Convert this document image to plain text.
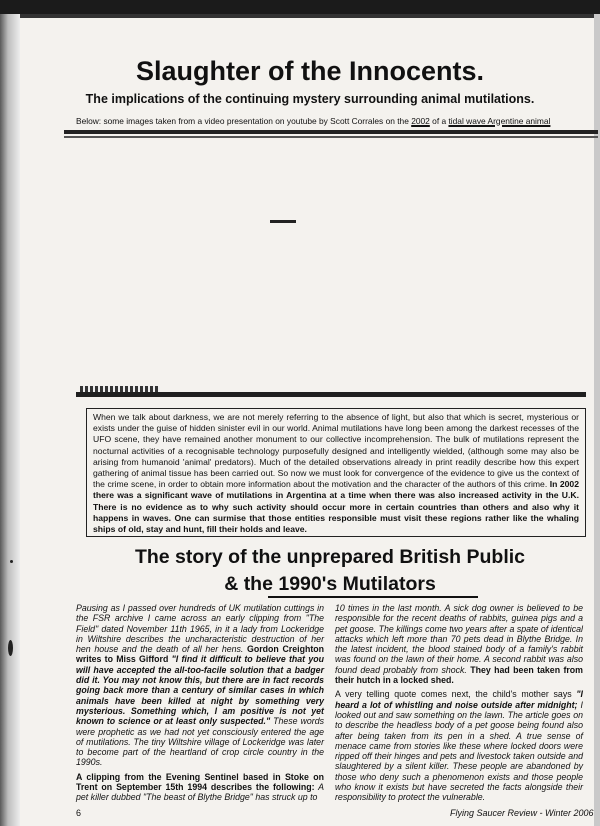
Slaughter of the Innocents.

The implications of the continuing mystery surrounding animal mutilations.

Below: some images taken from a video presentation on youtube by Scott Corrales on the 2002 of a tidal wave Argentine animal

When we talk about darkness, we are not merely referring to the absence of light, but also that which is secret, mysterious or exists under the guise of hidden sinister evil in our world. Animal mutilations have long been among the darkest recesses of the UFO scene, they have remained another monument to our collective incomprehension. The bulk of mutilations represent the nocturnal activities of a recognisable technology purposefully designed and intelligently wielded, (although some may also be arising from humanoid 'animal' predators). Much of the detailed observations already in print readily describe how this expert gathering of animal tissue has been carried out. So now we must look for convergence of the evidence to give us the context of the crime scene, in order to obtain more information about the motivation and the character of the authors of this crime. In 2002 there was a significant wave of mutilations in Argentina at a time when there was also increased activity in the U.K. There is no evidence as to why such activity should occur more in certain countries than others and also why it happens in waves. One can surmise that those entities responsible must visit these regions rather like the whaling ships of old, stay and hunt, fill their holds and leave.
The story of the unprepared British Public
& the 1990's Mutilators

Pausing as I passed over hundreds of UK mutilation cuttings in the FSR archive I came across an early clipping from "The Field" dated November 11th 1965, in it a lady from Lockeridge in Wiltshire describes the uncharacteristic destruction of her hen house and the death of all her hens. Gordon Creighton writes to Miss Gifford "I find it difficult to believe that you will have accepted the all-too-facile solution that a badger did it. You may not know this, but there are in fact records going back more than a century of similar cases in which animals have been killed at night by something very mysterious. Something which, I am positive is not yet known to science or at least only suspected." These words were prophetic as we had not yet consciously entered the age of mutilations. The tiny Wiltshire village of Lockeridge was later to become part of the heartland of crop circle country in the 1990s.

A clipping from the Evening Sentinel based in Stoke on Trent on September 15th 1994 describes the following: A pet killer dubbed "The beast of Blythe Bridge" has struck up to

10 times in the last month. A sick dog owner is believed to be responsible for the recent deaths of rabbits, guinea pigs and a pet goose. The killings come two years after a spate of identical attacks which left more than 70 pets dead in Blythe Bridge. In the latest incident, the blood stained body of a family's rabbit was found on the lawn of their home. A second rabbit was also found dead probably from shock. They had been taken from their hutch in a locked shed.

A very telling quote comes next, the child's mother says "I heard a lot of whistling and noise outside after midnight; I looked out and saw something on the lawn. The article goes on to describe the headless body of a pet goose being found also after being taken from its pen in a shed. A true sense of menace came from stories like these where locked doors were ripped off their hinges and pets and livestock taken outside and slaughtered by a silent killer. These people are abandoned by those who deny such a phenomenon exists and those people who know it exists but have secreted the facts alongside their responsibility to protect the vulnerable.

6	Flying Saucer Review - Winter 2006
